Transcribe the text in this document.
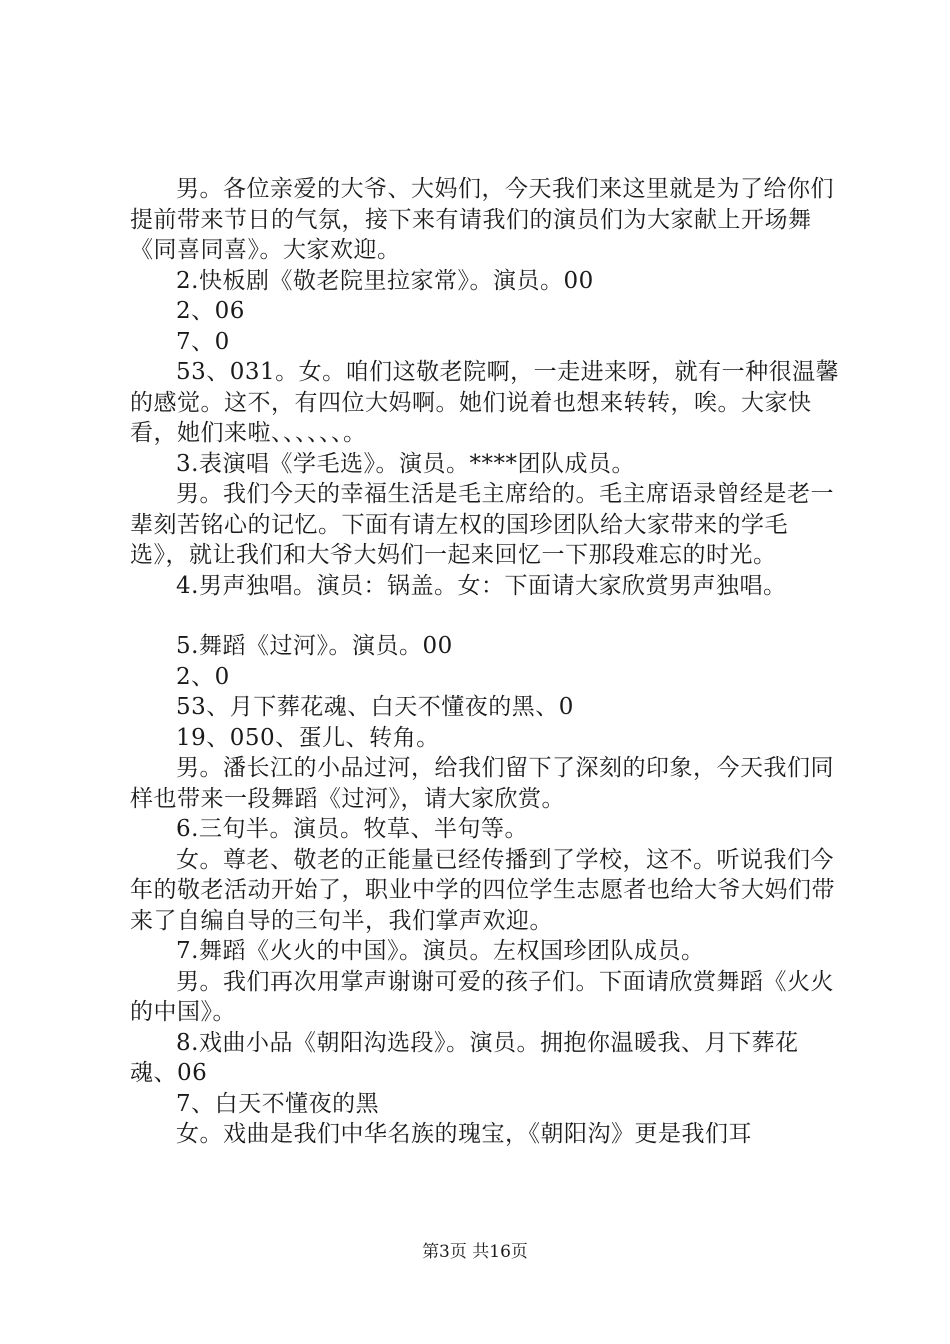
男。各位亲爱的大爷、大妈们，今天我们来这里就是为了给你们提前带来节日的气氛，接下来有请我们的演员们为大家献上开场舞《同喜同喜》。大家欢迎。

2.快板剧《敬老院里拉家常》。演员。00

2、06

7、0

53、031。女。咱们这敬老院啊，一走进来呀，就有一种很温馨的感觉。这不，有四位大妈啊。她们说着也想来转转，唉。大家快看，她们来啦、、、、、、。

3.表演唱《学毛选》。演员。****团队成员。

男。我们今天的幸福生活是毛主席给的。毛主席语录曾经是老一辈刻苦铭心的记忆。下面有请左权的国珍团队给大家带来的学毛选》，就让我们和大爷大妈们一起来回忆一下那段难忘的时光。

4.男声独唱。演员：锅盖。女：下面请大家欣赏男声独唱。

5.舞蹈《过河》。演员。00

2、0

53、月下葬花魂、白天不懂夜的黑、0

19、050、蛋儿、转角。

男。潘长江的小品过河，给我们留下了深刻的印象，今天我们同样也带来一段舞蹈《过河》，请大家欣赏。

6.三句半。演员。牧草、半句等。

女。尊老、敬老的正能量已经传播到了学校，这不。听说我们今年的敬老活动开始了，职业中学的四位学生志愿者也给大爷大妈们带来了自编自导的三句半，我们掌声欢迎。

7.舞蹈《火火的中国》。演员。左权国珍团队成员。

男。我们再次用掌声谢谢可爱的孩子们。下面请欣赏舞蹈《火火的中国》。

8.戏曲小品《朝阳沟选段》。演员。拥抱你温暖我、月下葬花魂、06

7、白天不懂夜的黑

女。戏曲是我们中华名族的瑰宝，《朝阳沟》更是我们耳

第3页 共16页
